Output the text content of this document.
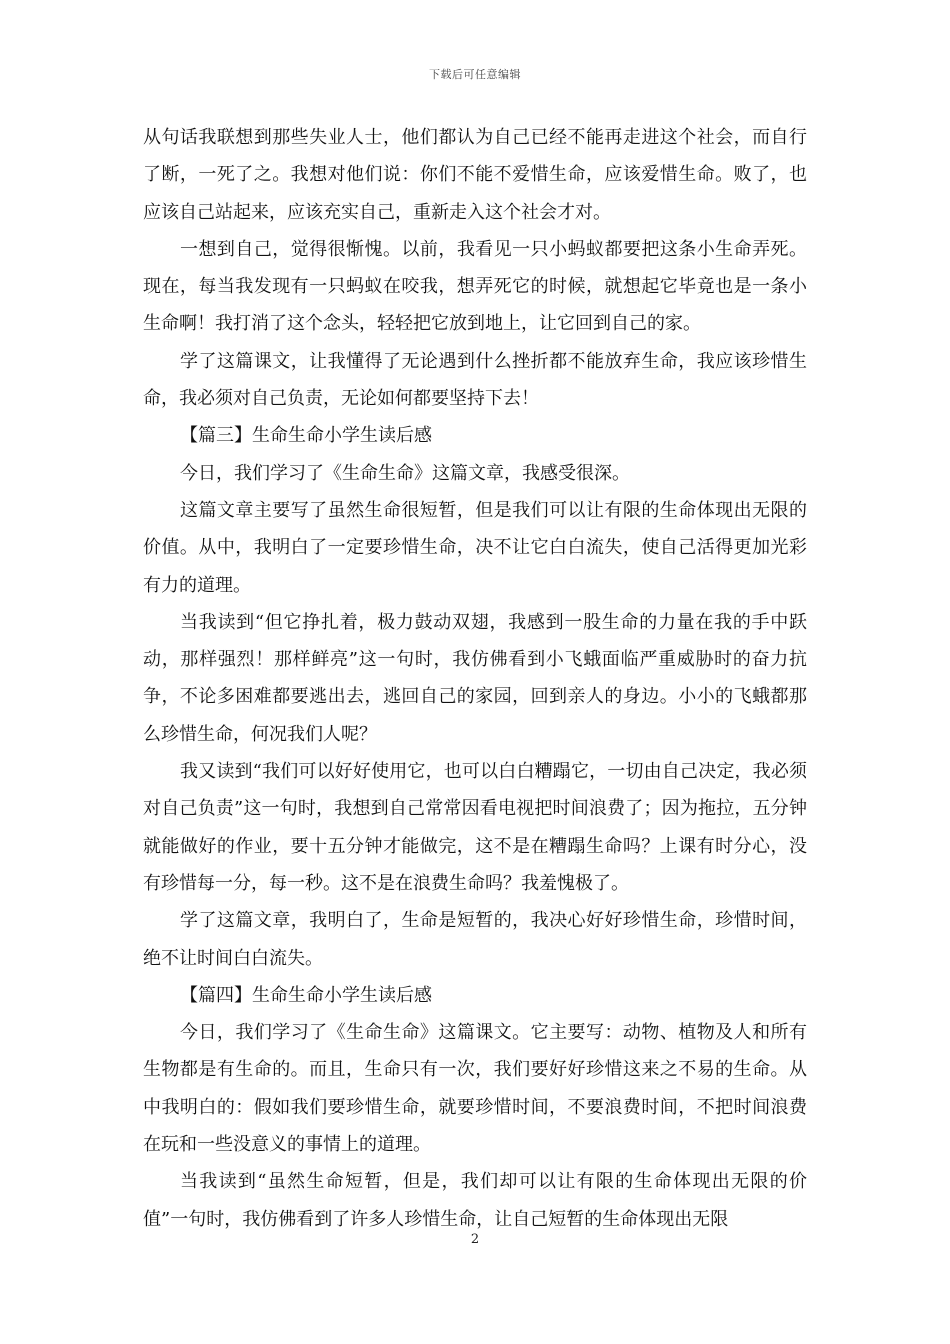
下载后可任意编辑

从句话我联想到那些失业人士，他们都认为自己已经不能再走进这个社会，而自行了断，一死了之。我想对他们说：你们不能不爱惜生命，应该爱惜生命。败了，也应该自己站起来，应该充实自己，重新走入这个社会才对。

一想到自己，觉得很惭愧。以前，我看见一只小蚂蚁都要把这条小生命弄死。现在，每当我发现有一只蚂蚁在咬我，想弄死它的时候，就想起它毕竟也是一条小生命啊！我打消了这个念头，轻轻把它放到地上，让它回到自己的家。

学了这篇课文，让我懂得了无论遇到什么挫折都不能放弃生命，我应该珍惜生命，我必须对自己负责，无论如何都要坚持下去！

【篇三】生命生命小学生读后感

今日，我们学习了《生命生命》这篇文章，我感受很深。

这篇文章主要写了虽然生命很短暂，但是我们可以让有限的生命体现出无限的价值。从中，我明白了一定要珍惜生命，决不让它白白流失，使自己活得更加光彩有力的道理。

当我读到“但它挣扎着，极力鼓动双翅，我感到一股生命的力量在我的手中跃动，那样强烈！那样鲜亮”这一句时，我仿佛看到小飞蛾面临严重威胁时的奋力抗争，不论多困难都要逃出去，逃回自己的家园，回到亲人的身边。小小的飞蛾都那么珍惜生命，何况我们人呢？

我又读到“我们可以好好使用它，也可以白白糟蹋它，一切由自己决定，我必须对自己负责”这一句时，我想到自己常常因看电视把时间浪费了；因为拖拉，五分钟就能做好的作业，要十五分钟才能做完，这不是在糟蹋生命吗？上课有时分心，没有珍惜每一分，每一秒。这不是在浪费生命吗？我羞愧极了。

学了这篇文章，我明白了，生命是短暂的，我决心好好珍惜生命，珍惜时间，绝不让时间白白流失。

【篇四】生命生命小学生读后感

今日，我们学习了《生命生命》这篇课文。它主要写：动物、植物及人和所有生物都是有生命的。而且，生命只有一次，我们要好好珍惜这来之不易的生命。从中我明白的：假如我们要珍惜生命，就要珍惜时间，不要浪费时间，不把时间浪费在玩和一些没意义的事情上的道理。

当我读到“虽然生命短暂，但是，我们却可以让有限的生命体现出无限的价值”一句时，我仿佛看到了许多人珍惜生命，让自己短暂的生命体现出无限

2
